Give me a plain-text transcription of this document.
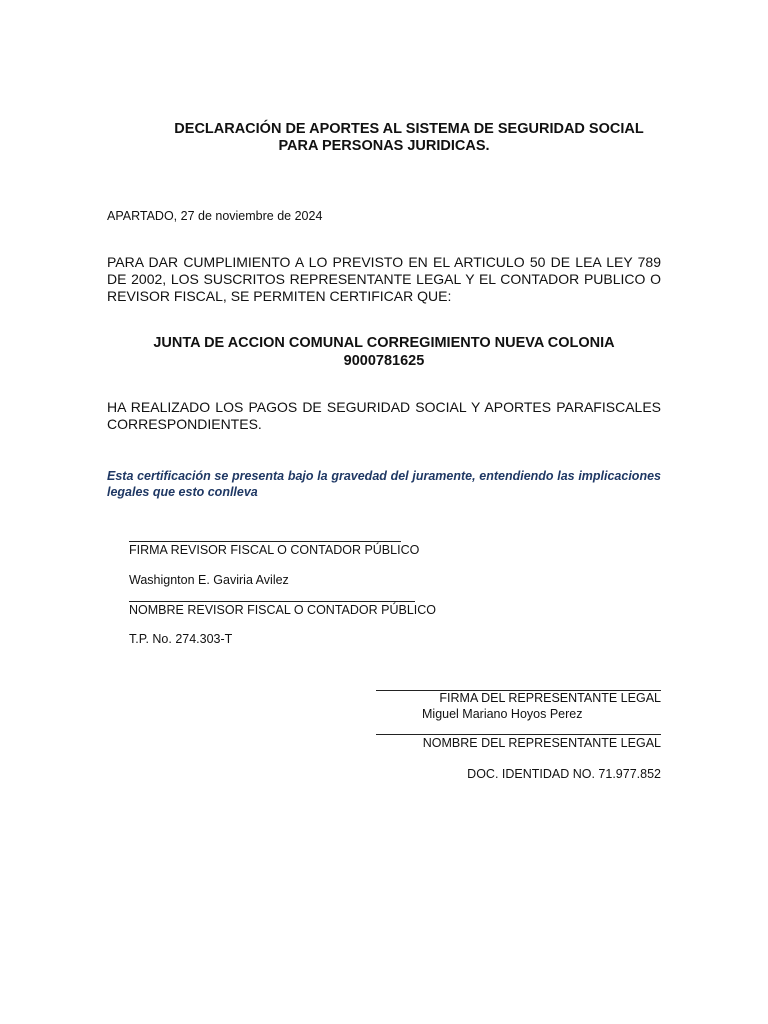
DECLARACIÓN DE APORTES AL SISTEMA DE SEGURIDAD SOCIAL
PARA PERSONAS JURIDICAS.
APARTADO, 27 de noviembre de 2024
PARA DAR CUMPLIMIENTO A LO PREVISTO EN EL ARTICULO 50 DE LEA LEY 789 DE 2002, LOS SUSCRITOS REPRESENTANTE LEGAL Y EL CONTADOR PUBLICO O REVISOR FISCAL, SE PERMITEN CERTIFICAR QUE:
JUNTA DE ACCION COMUNAL CORREGIMIENTO NUEVA COLONIA
9000781625
HA REALIZADO LOS PAGOS DE SEGURIDAD SOCIAL Y APORTES PARAFISCALES CORRESPONDIENTES.
Esta certificación se presenta bajo la gravedad del juramente, entendiendo las implicaciones legales que esto conlleva
FIRMA REVISOR FISCAL O CONTADOR PÚBLICO
Washignton E. Gaviria Avilez
NOMBRE REVISOR FISCAL O CONTADOR PÚBLICO
T.P. No. 274.303-T
FIRMA DEL REPRESENTANTE LEGAL
Miguel Mariano Hoyos Perez
NOMBRE DEL REPRESENTANTE LEGAL
DOC. IDENTIDAD NO. 71.977.852
